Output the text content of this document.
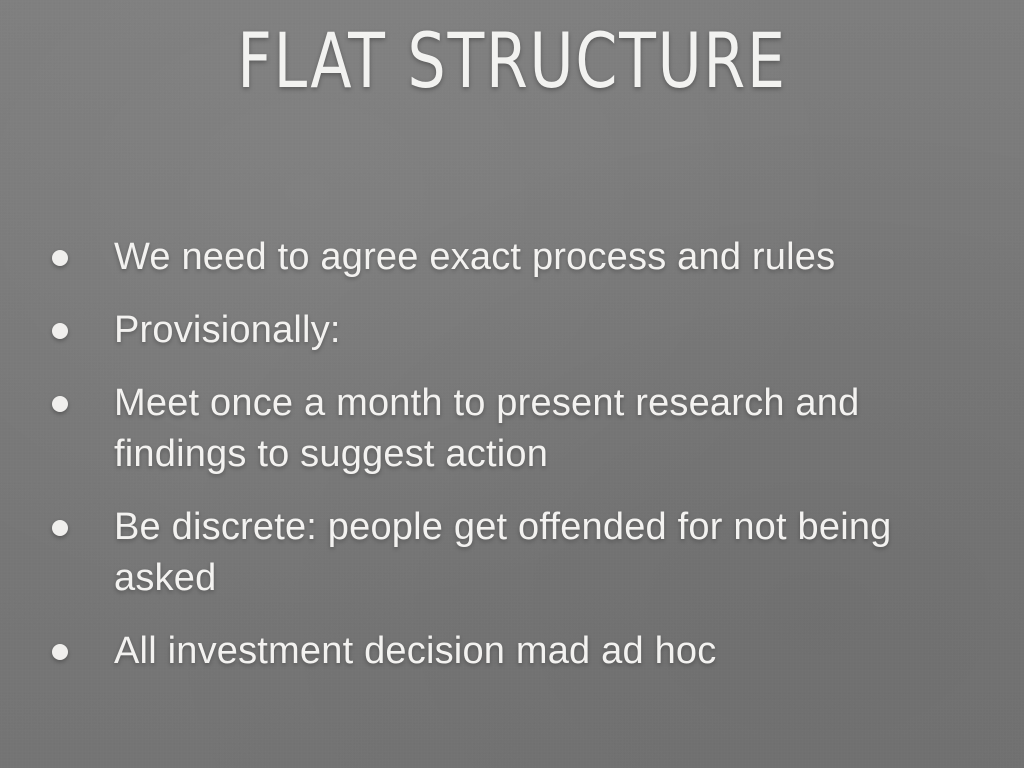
FLAT STRUCTURE
We need to agree exact process and rules
Provisionally:
Meet once a month to present research and findings to suggest action
Be discrete: people get offended for not being asked
All investment decision mad ad hoc
